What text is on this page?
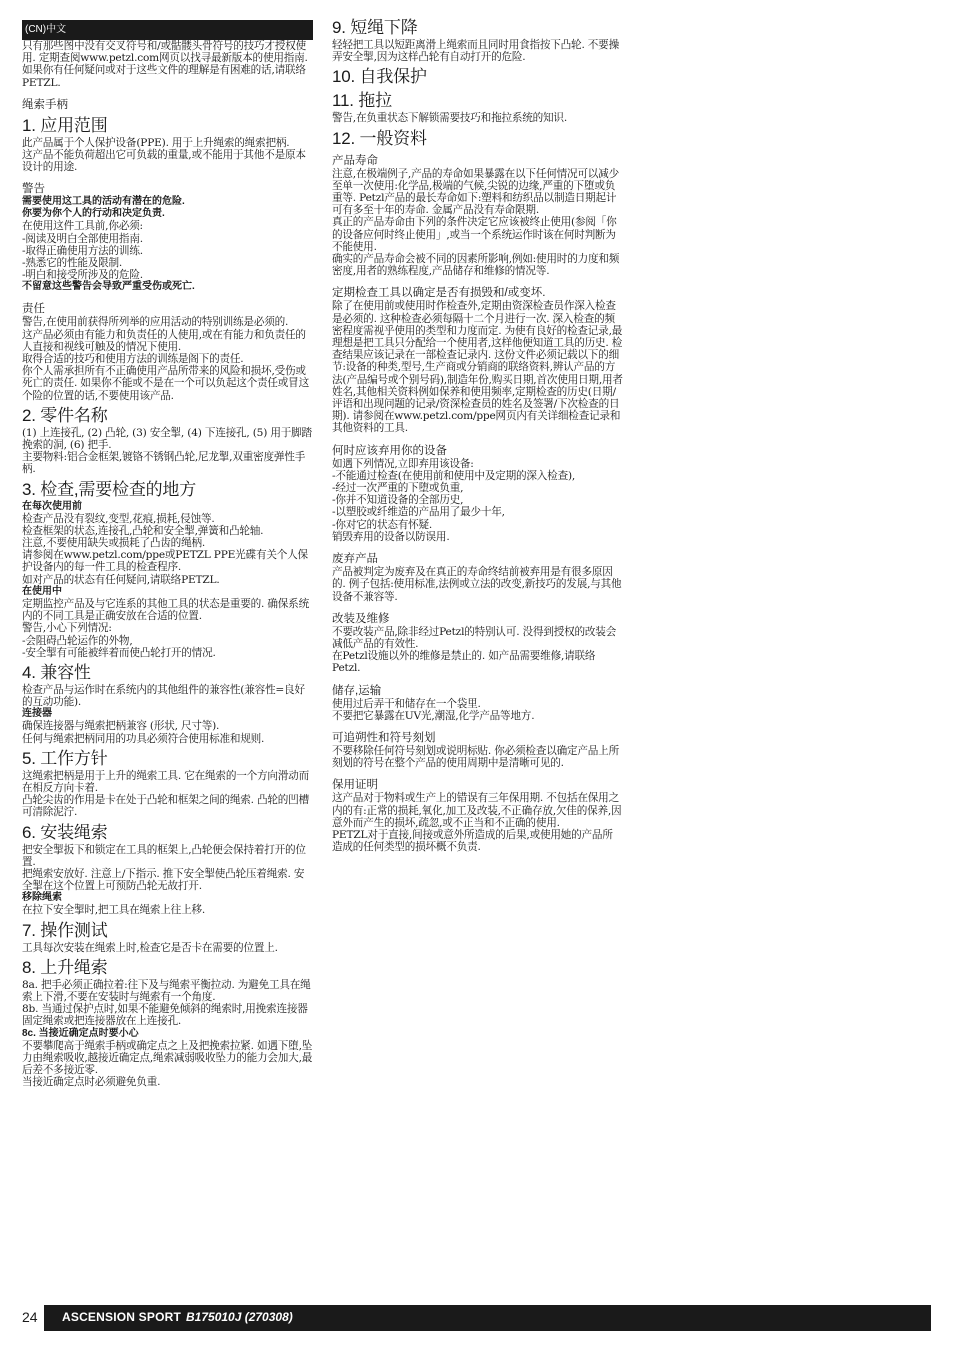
(CN)中文

只有那些图中没有交叉符号和/或骷髅头骨符号的技巧才授权使用. 定期查阅www.petzl.com网页以找寻最新版本的使用指南.

如果你有任何疑问或对于这些文件的理解是有困难的话,请联络PETZL.

绳索手柄

1. 应用范围

此产品属于个人保护设备(PPE). 用于上升绳索的绳索把柄.

这产品不能负荷超出它可负载的重量,或不能用于其他不是原本设计的用途.

警告

需要使用这工具的活动有潜在的危险.

你要为你个人的行动和决定负责.

在使用这件工具前,你必须:

-阅读及明白全部使用指南.

-取得正确使用方法的训练.

-熟悉它的性能及限制.

-明白和接受所涉及的危险.

不留意这些警告会导致严重受伤或死亡.

责任

警告,在使用前获得所列举的应用活动的特别训练是必须的.

这产品必须由有能力和负责任的人使用,或在有能力和负责任的人直接和视线可触及的情况下使用.

取得合适的技巧和使用方法的训练是阁下的责任.

你个人需承担所有不正确使用产品所带来的风险和损坏,受伤或死亡的责任. 如果你不能或不是在一个可以负起这个责任或冒这个险的位置的话,不要使用该产品.

2. 零件名称

(1) 上连接孔, (2) 凸轮, (3) 安全掣, (4) 下连接孔, (5) 用于脚踏挽索的洞, (6) 把手.

主要物料:铝合金框架,镀铬不锈钢凸轮,尼龙掣,双重密度弹性手柄.

3. 检查,需要检查的地方

在每次使用前

检查产品没有裂纹,变型,花痕,损耗,侵蚀等.

检查框架的状态,连接孔,凸轮和安全掣,弹簧和凸轮轴.

注意,不要使用缺失或损耗了凸齿的绳柄.

请参阅在www.petzl.com/ppe或PETZL PPE光碟有关个人保护设备内的每一件工具的检查程序.

如对产品的状态有任何疑问,请联络PETZL.

在使用中

定期监控产品及与它连系的其他工具的状态是重要的. 确保系统内的不同工具是正确安放在合适的位置.

警告,小心下列情况:

-会阻碍凸轮运作的外物,

-安全掣有可能被绊着而使凸轮打开的情况.

4. 兼容性

检查产品与运作时在系统内的其他组件的兼容性(兼容性=良好的互动功能).

连接器

确保连接器与绳索把柄兼容 (形状, 尺寸等).

任何与绳索把柄同用的功具必须符合使用标准和规则.

5. 工作方针

这绳索把柄是用于上升的绳索工具. 它在绳索的一个方向滑动而在相反方向卡着.

凸轮尖齿的作用是卡在处于凸轮和框架之间的绳索. 凸轮的凹槽可清除泥泞.

6. 安装绳索

把安全掣扳下和锁定在工具的框架上,凸轮便会保持着打开的位置.

把绳索安放好. 注意上/下指示. 推下安全掣使凸轮压着绳索. 安全掣在这个位置上可预防凸轮无故打开.

移除绳索

在拉下安全掣时,把工具在绳索上往上移.

7. 操作测试

工具每次安装在绳索上时,检查它是否卡在需要的位置上.

8. 上升绳索

8a. 把手必须正确拉着:往下及与绳索平衡拉动. 为避免工具在绳索上下滑,不要在安装时与绳索有一个角度.

8b. 当通过保护点时,如果不能避免倾斜的绳索时,用挽索连接器固定绳索或把连接器放在上连接孔.

8c. 当接近确定点时要小心

不要攀爬高于绳索手柄或确定点之上及把挽索拉紧. 如遇下堕,坠力由绳索吸收,越接近确定点,绳索减弱吸收坠力的能力会加大,最后差不多接近零.

当接近确定点时必须避免负重.

9. 短绳下降

轻轻把工具以短距离滑上绳索而且同时用食指按下凸轮. 不要操弄安全掣,因为这样凸轮有自动打开的危险.

10. 自我保护
11. 拖拉

警告,在负重状态下解锁需要技巧和拖拉系统的知识.

12. 一般资料

产品寿命

注意,在极端例子,产品的寿命如果暴露在以下任何情况可以减少至单一次使用:化学品,极端的气候,尖锐的边缘,严重的下堕或负重等. Petzl产品的最长寿命如下:塑料和纺织品以制造日期起计可有多至十年的寿命. 金属产品没有寿命限期.

真正的产品寿命由下列的条件决定它应该被终止使用(参阅「你的设备应何时终止使用」,或当一个系统运作时该在何时判断为不能使用.

确实的产品寿命会被不同的因素所影响,例如:使用时的力度和频密度,用者的熟练程度,产品储存和维修的情况等.

定期检查工具以确定是否有损毁和/或变坏.

除了在使用前或使用时作检查外,定期由资深检查员作深入检查是必须的. 这种检查必须每隔十二个月进行一次. 深入检查的频密程度需视乎使用的类型和力度而定. 为使有良好的检查记录,最理想是把工具只分配给一个使用者,这样他便知道工具的历史. 检查结果应该记录在一部检查记录内. 这份文件必须记载以下的细节:设备的种类,型号,生产商或分销商的联络资料,辨认产品的方法(产品编号或个别号码),制造年份,购买日期,首次使用日期,用者姓名,其他相关资料例如保养和使用频率,定期检查的历史(日期/评语和出现问题的记录/资深检查员的姓名及签署/下次检查的日期). 请参阅在www.petzl.com/ppe网页内有关详细检查记录和其他资料的工具.

何时应该弃用你的设备

如遇下列情况,立即弃用该设备:

-不能通过检查(在使用前和使用中及定期的深入检查),

-经过一次严重的下堕或负重,

-你并不知道设备的全部历史,

-以塑胶或纤维造的产品用了最少十年,

-你对它的状态有怀疑.

销毁弃用的设备以防误用.

废弃产品

产品被判定为废弃及在真正的寿命终结前被弃用是有很多原因的. 例子包括:使用标准,法例或立法的改变,新技巧的发展,与其他设备不兼容等.

改装及维修

不要改装产品,除非经过Petzl的特别认可. 没得到授权的改装会减低产品的有效性.

在Petzl设施以外的维修是禁止的. 如产品需要维修,请联络Petzl.

储存,运输

使用过后弄干和储存在一个袋里.

不要把它暴露在UV光,潮湿,化学产品等地方.

可追朔性和符号刻划

不要移除任何符号刻划或说明标贴. 你必须检查以确定产品上所刻划的符号在整个产品的使用周期中是清晰可见的.

保用证明

这产品对于物料或生产上的错误有三年保用期. 不包括在保用之内的有:正常的损耗,氧化,加工及改装,不正确存放,欠佳的保养,因意外而产生的损坏,疏忽,或不正当和不正确的使用.

PETZL对于直接,间接或意外所造成的后果,或使用她的产品所造成的任何类型的损坏概不负责.

24 ASCENSION SPORT B175010J (270308)
